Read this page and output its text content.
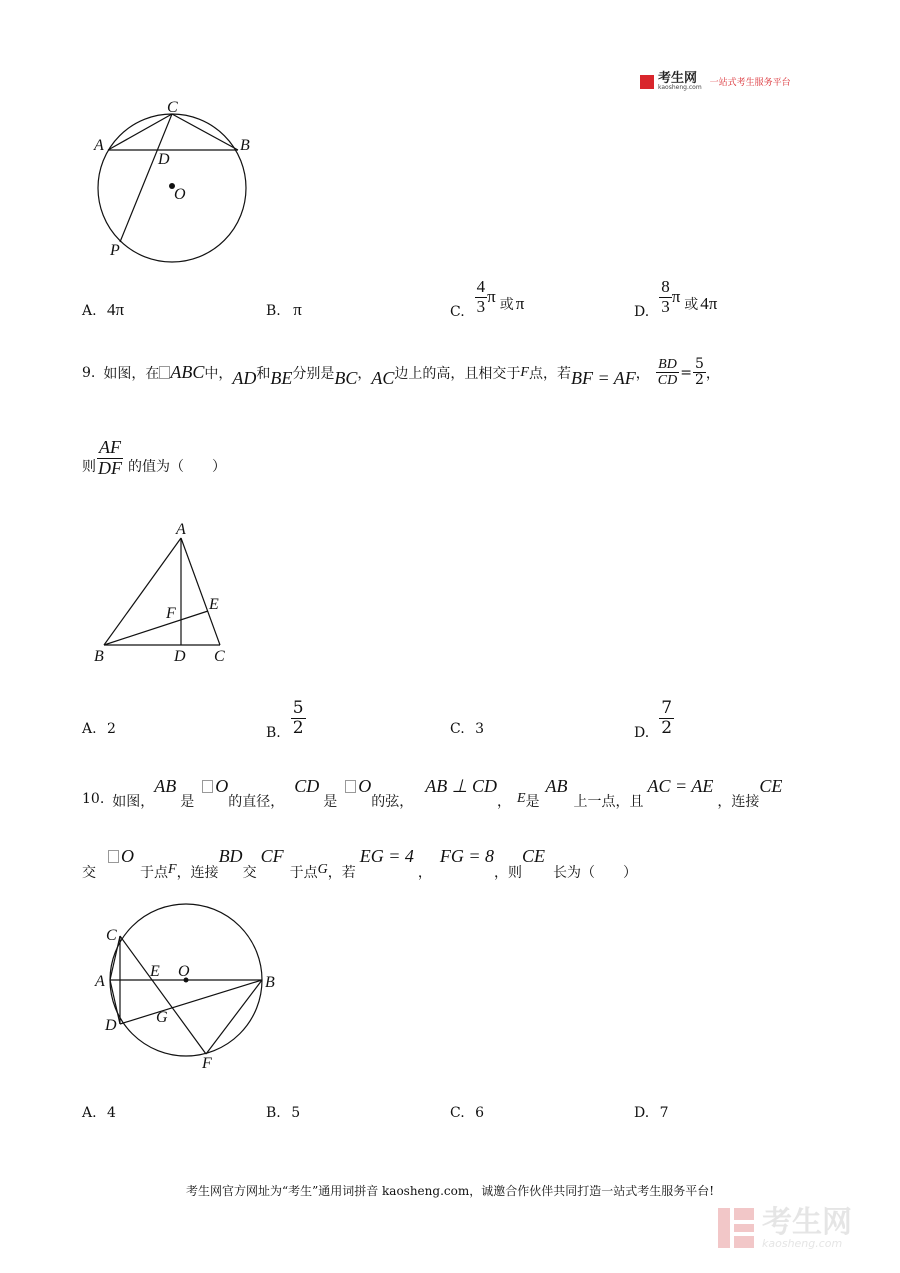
考生网
kaosheng.com 一站式考生服务平台
C
A	B
D
O
P
A. 4π	B. π	C. $\frac{4}{3}$ π 或 π	D. $\frac{8}{3}$ π 或 4π
9. 如图，在 ABC 中， AD 和 BE 分别是 BC ， AC 边上的高，且相交于 F 点，若 BF = AF ， $\frac{BD}{CD} = \frac{5}{2}$ ，
则 $\frac{AF}{DF}$ 的值为（　　）
A
E
F
B	D C
A. 2	B. $\frac{5}{2}$	C. 3	D. $\frac{7}{2}$
10. 如图，
AB
是
O
的直径，
CD
是
O
的弦，
AB ⊥ CD
， E 是
AB
上一点，且
AC = AE
，连接
CE
交
O
于点 F ，连接
BD
交
CF
于点 G ，若
EG = 4
，
FG = 8
，则
CE
长为（　　）
C
A
E O
B
D G
F
A. 4	B. 5	C. 6	D. 7
考生网官方网址为“考生”通用词拼音 kaosheng.com，诚邀合作伙伴共同打造一站式考生服务平台!
考生网
kaosheng.com
